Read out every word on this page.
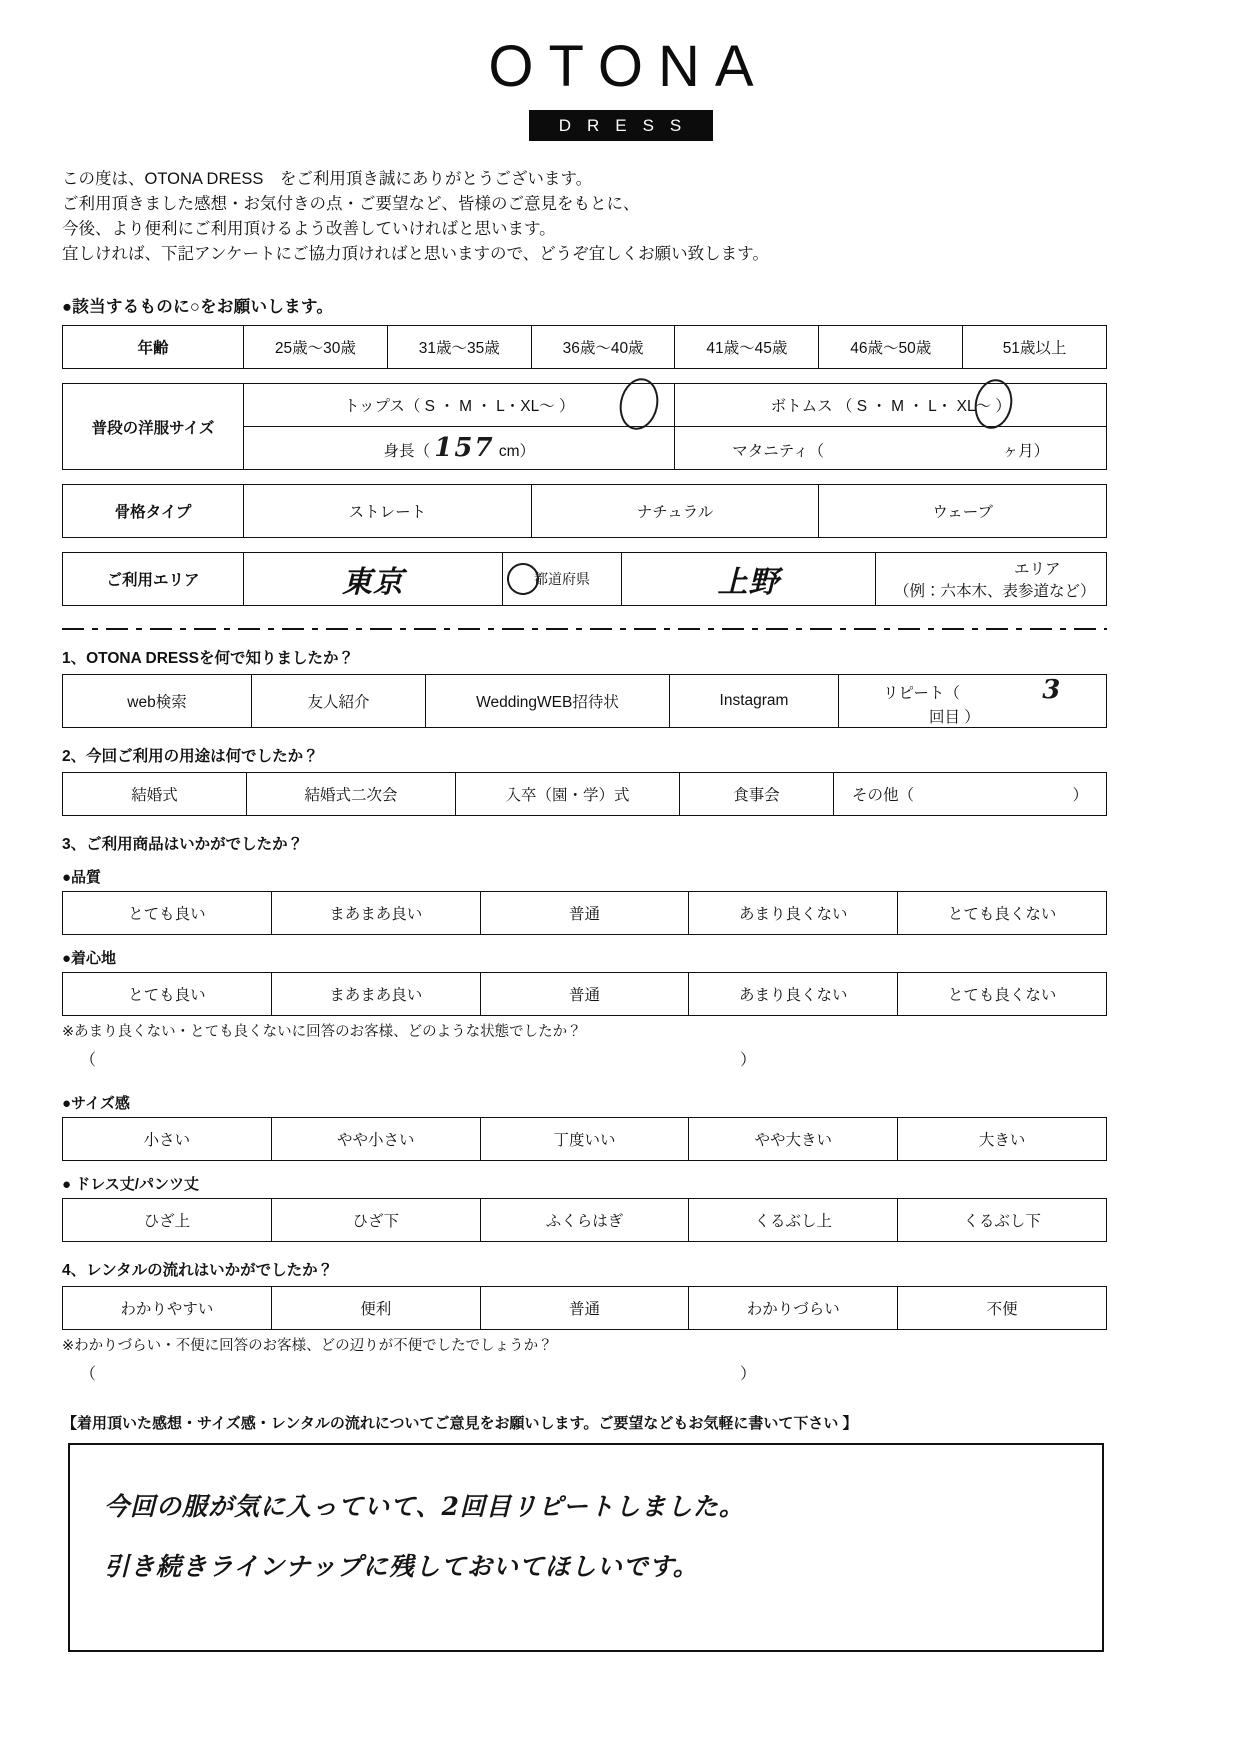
OTONA
DRESS
この度は、OTONA DRESS　をご利用頂き誠にありがとうございます。
ご利用頂きました感想・お気付きの点・ご要望など、皆様のご意見をもとに、
今後、より便利にご利用頂けるよう改善していければと思います。
宜しければ、下記アンケートにご協力頂ければと思いますので、どうぞ宜しくお願い致します。
●該当するものに○をお願いします。
年齢	25歳〜30歳	31歳〜35歳	36歳〜40歳	41歳〜45歳	46歳〜50歳	51歳以上
普段の洋服サイズ	トップス（ S ・ M ・ L・XL〜 ）	ボトムス （ S ・ M ・ L・ XL〜 ）

	身長（ 157 cm）	マタニティ（ ヶ月）
骨格タイプ	ストレート	ナチュラル	ウェーブ
ご利用エリア	東京	都道府県	上野	エリア（例：六本木、表参道など）
1、OTONA DRESSを何で知りましたか？
web検索	友人紹介	WeddingWEB招待状	Instagram	リピート（	3 回目 ）
2、今回ご利用の用途は何でしたか？
結婚式	結婚式二次会	入卒（園・学）式	食事会	その他（	）
3、ご利用商品はいかがでしたか？
●品質
とても良い	まあまあ良い	普通	あまり良くない	とても良くない
●着心地
とても良い	まあまあ良い	普通	あまり良くない	とても良くない
※あまり良くない・とても良くないに回答のお客様、どのような状態でしたか？
（	）
●サイズ感
小さい	やや小さい	丁度いい	やや大きい	大きい
● ドレス丈/パンツ丈
ひざ上	ひざ下	ふくらはぎ	くるぶし上	くるぶし下
4、レンタルの流れはいかがでしたか？
わかりやすい	便利	普通	わかりづらい	不便
※わかりづらい・不便に回答のお客様、どの辺りが不便でしたでしょうか？
（	）
【着用頂いた感想・サイズ感・レンタルの流れについてご意見をお願いします。ご要望などもお気軽に書いて下さい 】
今回の服が気に入っていて、2回目リピートしました。
引き続きラインナップに残しておいてほしいです。
